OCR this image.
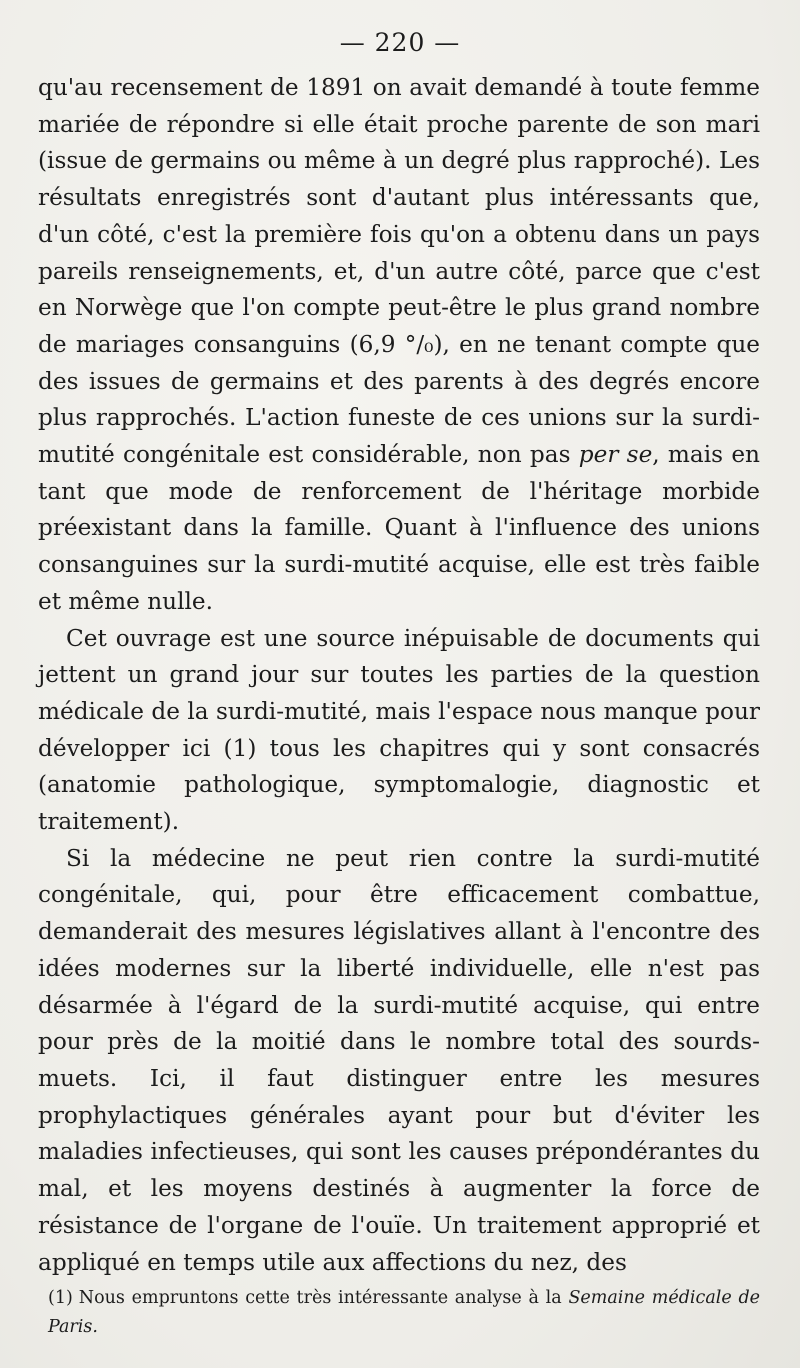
— 220 —

qu'au recensement de 1891 on avait demandé à toute femme mariée de répondre si elle était proche parente de son mari (issue de germains ou même à un degré plus rapproché). Les résultats enregistrés sont d'autant plus intéressants que, d'un côté, c'est la première fois qu'on a obtenu dans un pays pareils renseignements, et, d'un autre côté, parce que c'est en Norwège que l'on compte peut-être le plus grand nombre de mariages consanguins (6,9 °/₀), en ne tenant compte que des issues de germains et des parents à des degrés encore plus rapprochés. L'action funeste de ces unions sur la surdi-mutité congénitale est considérable, non pas per se, mais en tant que mode de renforcement de l'héritage morbide préexistant dans la famille. Quant à l'influence des unions consanguines sur la surdi-mutité acquise, elle est très faible et même nulle.

Cet ouvrage est une source inépuisable de documents qui jettent un grand jour sur toutes les parties de la question médicale de la surdi-mutité, mais l'espace nous manque pour développer ici (1) tous les chapitres qui y sont consacrés (anatomie pathologique, symptomalogie, diagnostic et traitement).

Si la médecine ne peut rien contre la surdi-mutité congénitale, qui, pour être efficacement combattue, demanderait des mesures législatives allant à l'encontre des idées modernes sur la liberté individuelle, elle n'est pas désarmée à l'égard de la surdi-mutité acquise, qui entre pour près de la moitié dans le nombre total des sourds-muets. Ici, il faut distinguer entre les mesures prophylactiques générales ayant pour but d'éviter les maladies infectieuses, qui sont les causes prépondérantes du mal, et les moyens destinés à augmenter la force de résistance de l'organe de l'ouïe. Un traitement approprié et appliqué en temps utile aux affections du nez, des

(1) Nous empruntons cette très intéressante analyse à la Semaine médicale de Paris.
